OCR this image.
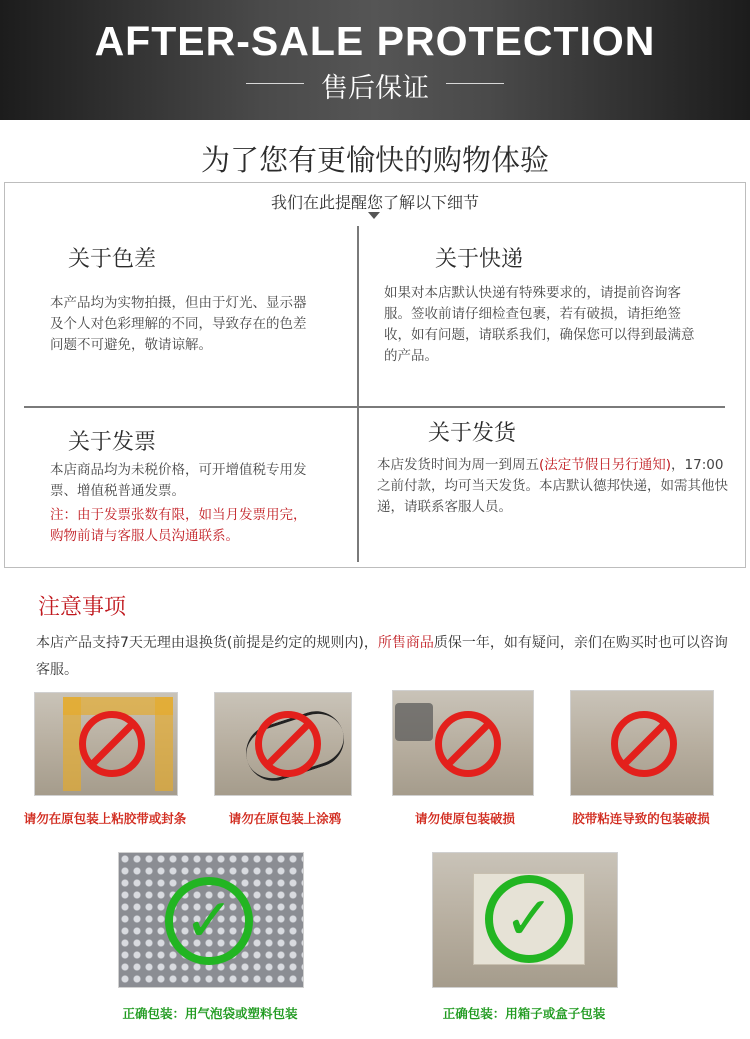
AFTER-SALE PROTECTION
售后保证
为了您有更愉快的购物体验
我们在此提醒您了解以下细节
关于色差
本产品均为实物拍摄，但由于灯光、显示器及个人对色彩理解的不同，导致存在的色差问题不可避免，敬请谅解。
关于快递
如果对本店默认快递有特殊要求的，请提前咨询客服。签收前请仔细检查包裹，若有破损，请拒绝签收，如有问题，请联系我们，确保您可以得到最满意的产品。
关于发票
本店商品均为未税价格，可开增值税专用发票、增值税普通发票。
注：由于发票张数有限，如当月发票用完，购物前请与客服人员沟通联系。
关于发货
本店发货时间为周一到周五(法定节假日另行通知)，17:00之前付款，均可当天发货。本店默认德邦快递，如需其他快递，请联系客服人员。
注意事项
本店产品支持7天无理由退换货(前提是约定的规则内)，所售商品质保一年，如有疑问，亲们在购买时也可以咨询客服。
请勿在原包装上粘胶带或封条	请勿在原包装上涂鸦	请勿使原包装破损	胶带粘连导致的包装破损
✓
正确包装：用气泡袋或塑料包装
✓
正确包装：用箱子或盒子包装
